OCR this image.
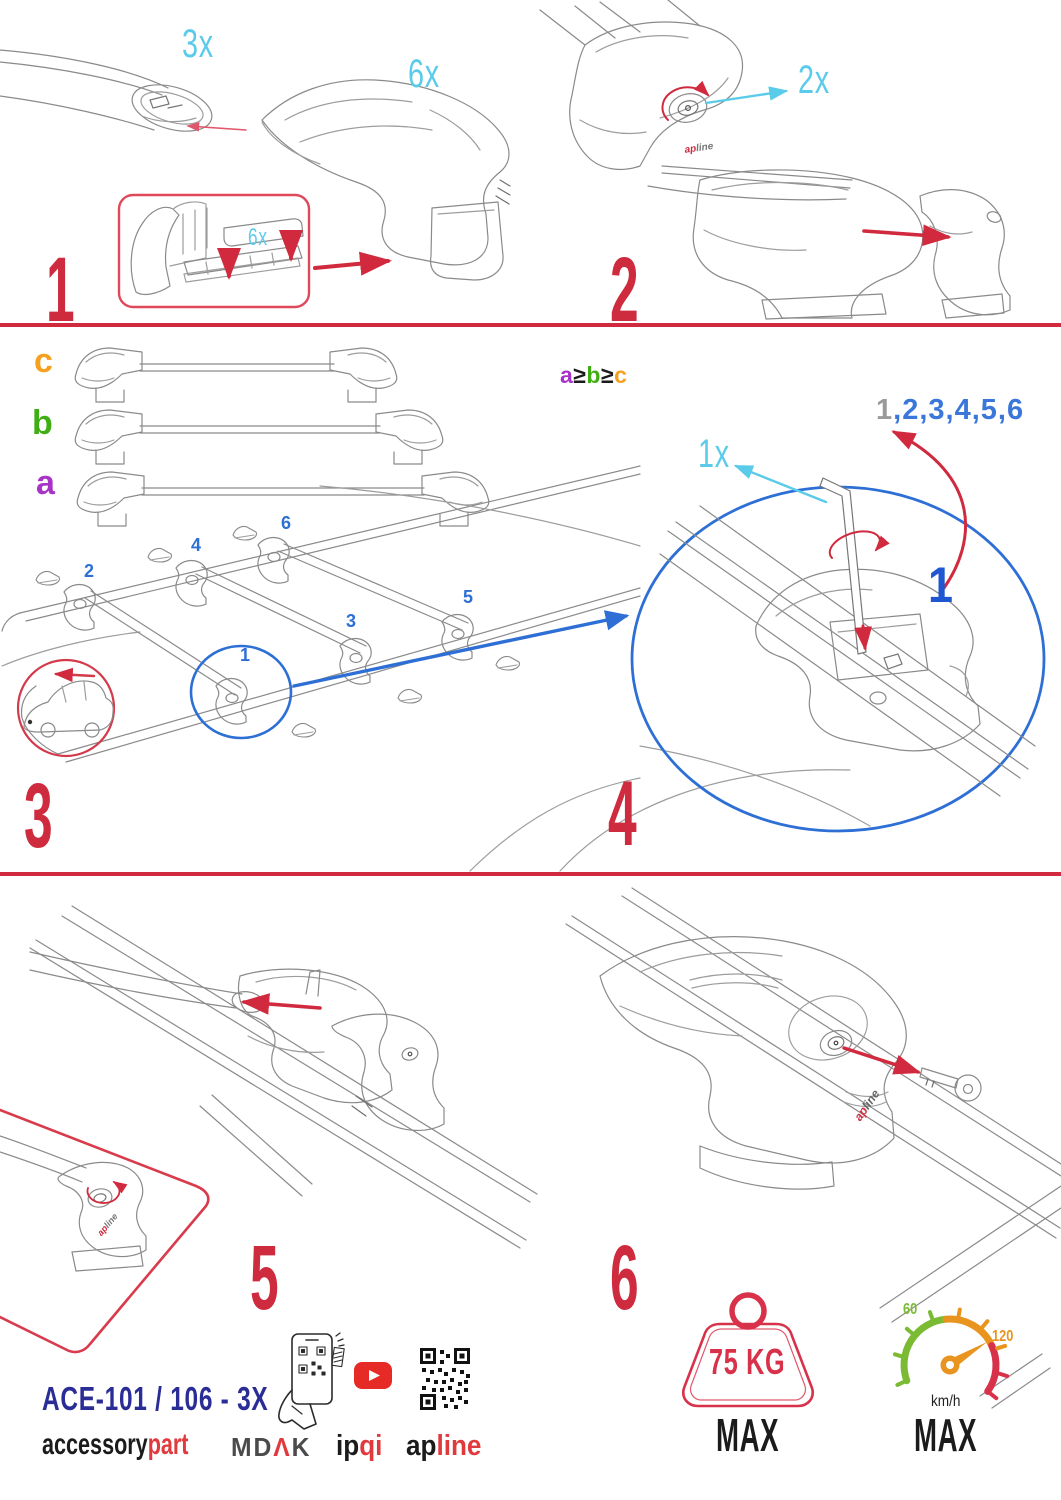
3x
6x
6x
1
2x
apline
2
c
b
a
a≥b≥c
1
2
3
4
5
6
3
1x
1,2,3,4,5,6
1
4
apline
5
apline
6
ACE-101 / 106 - 3X
accessorypart MDΛK ipqi apline
75 KG
MAX
60
120
km/h
MAX
